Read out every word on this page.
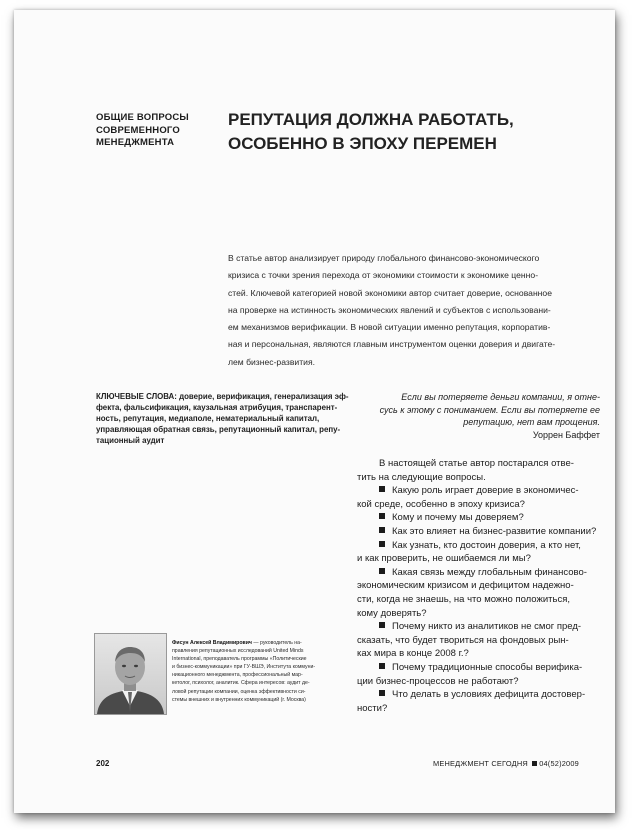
ОБЩИЕ ВОПРОСЫ
СОВРЕМЕННОГО
МЕНЕДЖМЕНТА
РЕПУТАЦИЯ ДОЛЖНА РАБОТАТЬ,
ОСОБЕННО В ЭПОХУ ПЕРЕМЕН
В статье автор анализирует природу глобального финансово-экономического
кризиса с точки зрения перехода от экономики стоимости к экономике ценно-
стей. Ключевой категорией новой экономики автор считает доверие, основанное
на проверке на истинность экономических явлений и субъектов с использовани-
ем механизмов верификации. В новой ситуации именно репутация, корпоратив-
ная и персональная, являются главным инструментом оценки доверия и двигате-
лем бизнес-развития.
КЛЮЧЕВЫЕ СЛОВА: доверие, верификация, генерализация эф-
фекта, фальсификация, каузальная атрибуция, транспарент-
ность, репутация, медиаполе, нематериальный капитал,
управляющая обратная связь, репутационный капитал, репу-
тационный аудит
Если вы потеряете деньги компании, я отне-
сусь к этому с пониманием. Если вы потеряете ее
репутацию, нет вам прощения.
Уоррен Баффет
В настоящей статье автор постарался отве-
тить на следующие вопросы.
Какую роль играет доверие в экономичес-
кой среде, особенно в эпоху кризиса?
Кому и почему мы доверяем?
Как это влияет на бизнес-развитие компании?
Как узнать, кто достоин доверия, а кто нет,
и как проверить, не ошибаемся ли мы?
Какая связь между глобальным финансово-
экономическим кризисом и дефицитом надежно-
сти, когда не знаешь, на что можно положиться,
кому доверять?
Почему никто из аналитиков не смог пред-
сказать, что будет твориться на фондовых рын-
ках мира в конце 2008 г.?
Почему традиционные способы верифика-
ции бизнес-процессов не работают?
Что делать в условиях дефицита достовер-
ности?
Фисун Алексей Владимирович — руководитель на-
правления репутационных исследований United Minds
International, преподаватель программы «Политические
и бизнес-коммуникации» при ГУ-ВШЭ, Института коммуни-
никационного менеджмента, профессиональный мар-
кетолог, психолог, аналитик. Сфера интересов: аудит де-
ловой репутации компании, оценка эффективности си-
стемы внешних и внутренних коммуникаций (г. Москва)
202	МЕНЕДЖМЕНТ СЕГОДНЯ 04(52)2009
